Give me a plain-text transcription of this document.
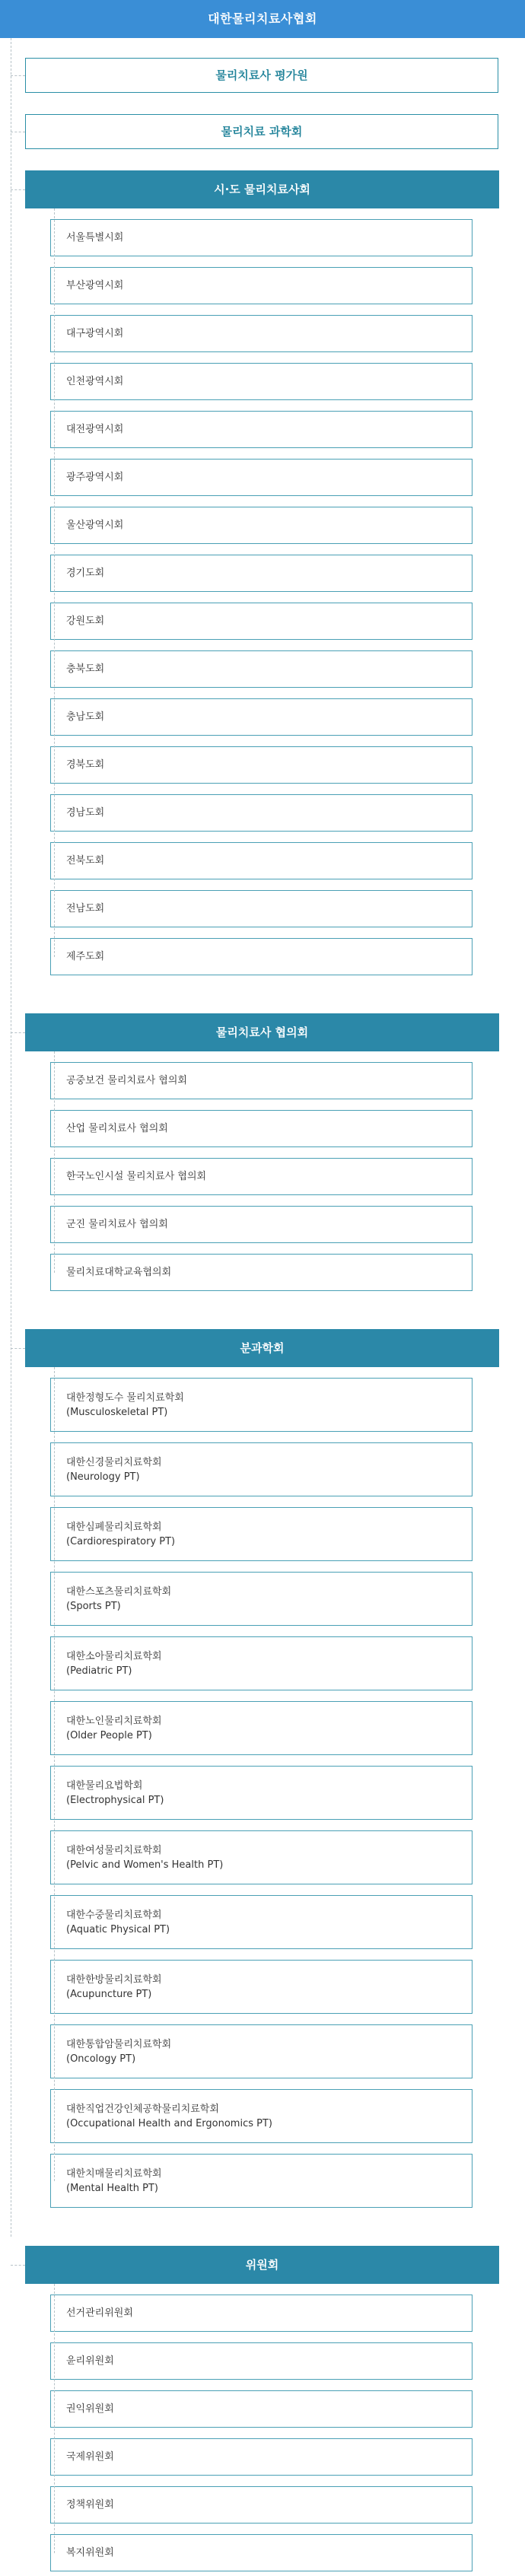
대한물리치료사협회
물리치료사 평가원
물리치료 과학회
시·도 물리치료사회
서울특별시회
부산광역시회
대구광역시회
인천광역시회
대전광역시회
광주광역시회
울산광역시회
경기도회
강원도회
충북도회
충남도회
경북도회
경남도회
전북도회
전남도회
제주도회
물리치료사 협의회
공중보건 물리치료사 협의회
산업 물리치료사 협의회
한국노인시설 물리치료사 협의회
군진 물리치료사 협의회
물리치료대학교육협의회
분과학회
대한정형도수 물리치료학회
(Musculoskeletal PT)
대한신경물리치료학회
(Neurology PT)
대한심폐물리치료학회
(Cardiorespiratory PT)
대한스포츠물리치료학회
(Sports PT)
대한소아물리치료학회
(Pediatric PT)
대한노인물리치료학회
(Older People PT)
대한물리요법학회
(Electrophysical PT)
대한여성물리치료학회
(Pelvic and Women's Health PT)
대한수중물리치료학회
(Aquatic Physical PT)
대한한방물리치료학회
(Acupuncture PT)
대한통합암물리치료학회
(Oncology PT)
대한직업건강인체공학물리치료학회
(Occupational Health and Ergonomics PT)
대한치매물리치료학회
(Mental Health PT)
위원회
선거관리위원회
윤리위원회
권익위원회
국제위원회
정책위원회
복지위원회
